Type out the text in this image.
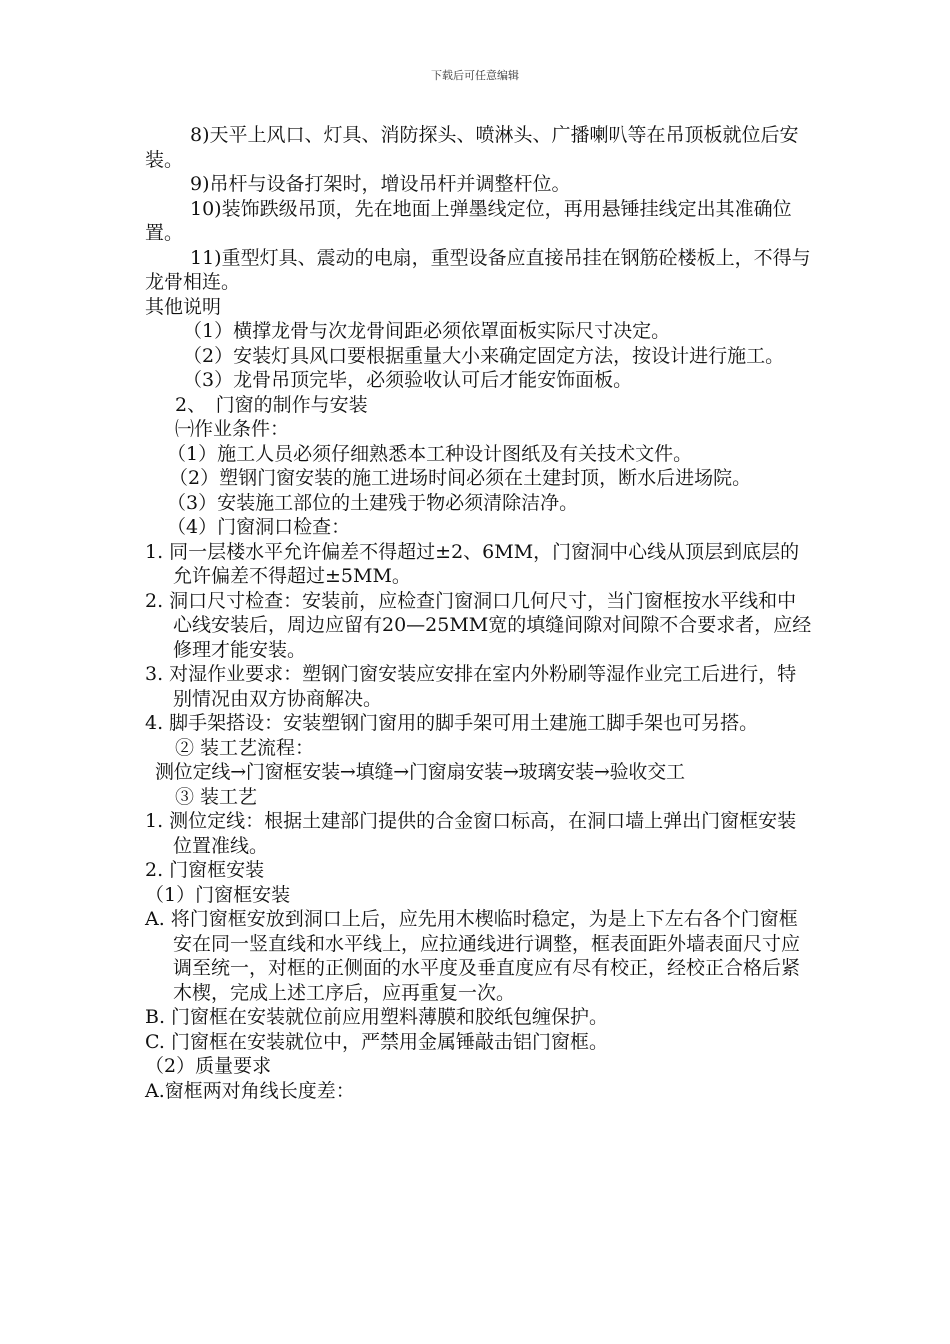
下载后可任意编辑

8)天平上风口、灯具、消防探头、喷淋头、广播喇叭等在吊顶板就位后安装。

9)吊杆与设备打架时，增设吊杆并调整杆位。

10)装饰跌级吊顶，先在地面上弹墨线定位，再用悬锤挂线定出其准确位置。

11)重型灯具、震动的电扇，重型设备应直接吊挂在钢筋砼楼板上，不得与龙骨相连。

其他说明

（1）横撑龙骨与次龙骨间距必须依罩面板实际尺寸决定。

（2）安装灯具风口要根据重量大小来确定固定方法，按设计进行施工。

（3）龙骨吊顶完毕，必须验收认可后才能安饰面板。

2、　门窗的制作与安装

㈠作业条件：

（1）施工人员必须仔细熟悉本工种设计图纸及有关技术文件。

（2）塑钢门窗安装的施工进场时间必须在土建封顶，断水后进场院。

（3）安装施工部位的土建残于物必须清除洁净。

（4）门窗洞口检查：

1. 同一层楼水平允许偏差不得超过±2、6MM，门窗洞中心线从顶层到底层的允许偏差不得超过±5MM。

2. 洞口尺寸检查：安装前，应检查门窗洞口几何尺寸，当门窗框按水平线和中心线安装后，周边应留有20—25MM宽的填缝间隙对间隙不合要求者，应经修理才能安装。

3. 对湿作业要求：塑钢门窗安装应安排在室内外粉刷等湿作业完工后进行，特别情况由双方协商解决。

4. 脚手架搭设：安装塑钢门窗用的脚手架可用土建施工脚手架也可另搭。

② 装工艺流程：

测位定线→门窗框安装→填缝→门窗扇安装→玻璃安装→验收交工

③ 装工艺

1. 测位定线：根据土建部门提供的合金窗口标高，在洞口墙上弹出门窗框安装位置准线。

2. 门窗框安装

（1）门窗框安装

A. 将门窗框安放到洞口上后，应先用木楔临时稳定，为是上下左右各个门窗框安在同一竖直线和水平线上，应拉通线进行调整，框表面距外墙表面尺寸应调至统一，对框的正侧面的水平度及垂直度应有尽有校正，经校正合格后紧木楔，完成上述工序后，应再重复一次。

B. 门窗框在安装就位前应用塑料薄膜和胶纸包缠保护。

C. 门窗框在安装就位中，严禁用金属锤敲击铝门窗框。

（2）质量要求

A.窗框两对角线长度差：
